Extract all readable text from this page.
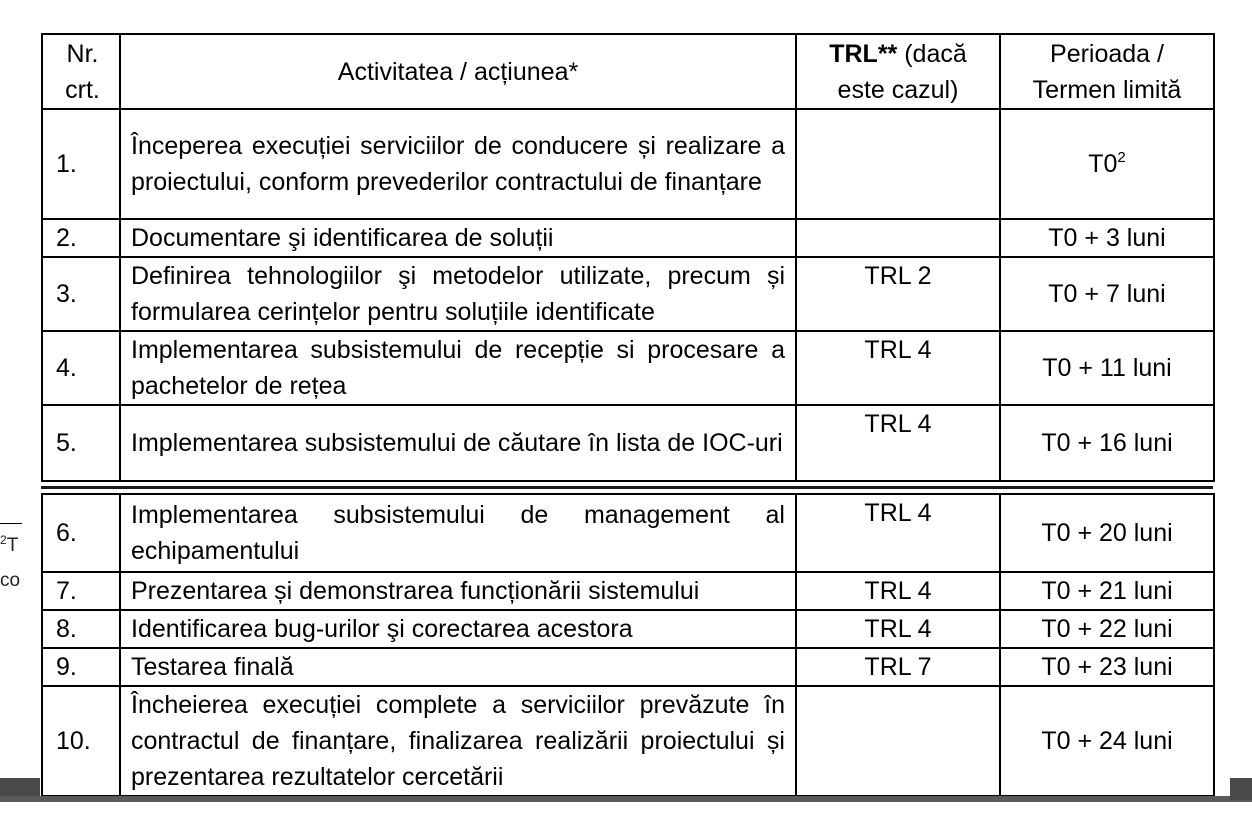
Nr. crt.	Activitatea / acțiunea*	TRL** (dacă este cazul)	Perioada / Termen limită
1.	Începerea execuției serviciilor de conducere și realizare a proiectului, conform prevederilor contractului de finanțare		$T0^2$
2.	Documentare şi identificarea de soluții		T0 + 3 luni
3.	Definirea tehnologiilor şi metodelor utilizate, precum și formularea cerințelor pentru soluțiile identificate	TRL 2	T0 + 7 luni
4.	Implementarea subsistemului de recepție si procesare a pachetelor de rețea	TRL 4	T0 + 11 luni
5.	Implementarea subsistemului de căutare în lista de IOC-uri	TRL 4	T0 + 16 luni
$^2$T
co
6.	Implementarea subsistemului de management al echipamentului	TRL 4	T0 + 20 luni
7.	Prezentarea și demonstrarea funcționării sistemului	TRL 4	T0 + 21 luni
8.	Identificarea bug-urilor şi corectarea acestora	TRL 4	T0 + 22 luni
9.	Testarea finală	TRL 7	T0 + 23 luni
10.	Încheierea execuției complete a serviciilor prevăzute în contractul de finanțare, finalizarea realizării proiectului și prezentarea rezultatelor cercetării		T0 + 24 luni
